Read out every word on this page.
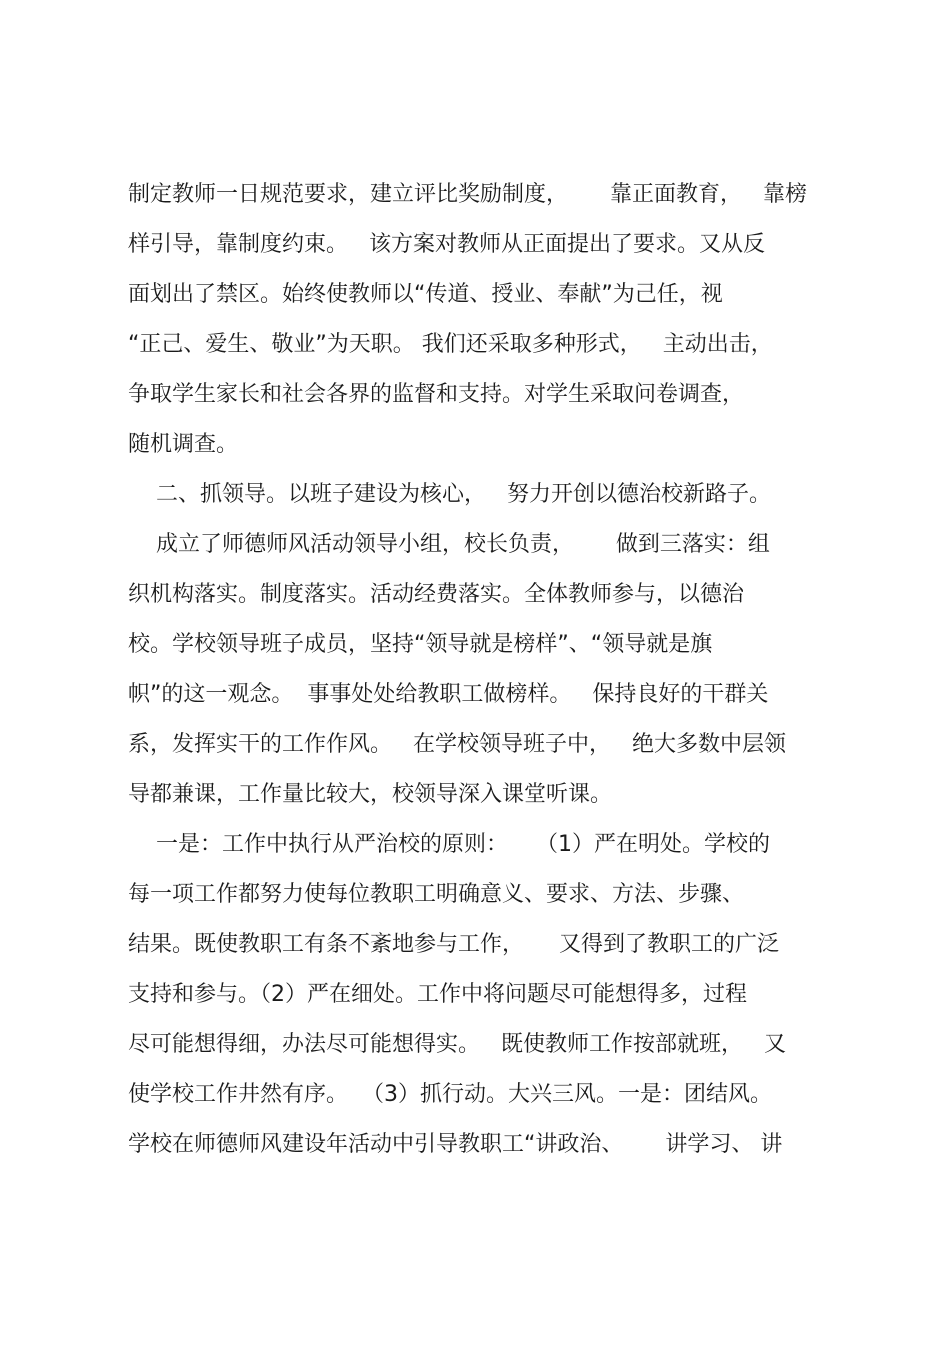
制定教师一日规范要求，建立评比奖励制度，      靠正面教育，   靠榜
样引导，靠制度约束。   该方案对教师从正面提出了要求。又从反
面划出了禁区。始终使教师以“传道、授业、奉献”为己任，视
“正己、爱生、敬业”为天职。 我们还采取多种形式，   主动出击，
争取学生家长和社会各界的监督和支持。对学生采取问卷调查，
随机调查。
二、抓领导。以班子建设为核心，   努力开创以德治校新路子。
成立了师德师风活动领导小组，校长负责，      做到三落实：组
织机构落实。制度落实。活动经费落实。全体教师参与，以德治
校。学校领导班子成员，坚持“领导就是榜样”、“领导就是旗
帜”的这一观念。  事事处处给教职工做榜样。   保持良好的干群关
系，发挥实干的工作作风。   在学校领导班子中，   绝大多数中层领
导都兼课，工作量比较大，校领导深入课堂听课。
一是：工作中执行从严治校的原则：    （1）严在明处。学校的
每一项工作都努力使每位教职工明确意义、要求、方法、步骤、
结果。既使教职工有条不紊地参与工作，     又得到了教职工的广泛
支持和参与。（2）严在细处。工作中将问题尽可能想得多，过程
尽可能想得细，办法尽可能想得实。   既使教师工作按部就班，   又
使学校工作井然有序。  （3）抓行动。大兴三风。一是：团结风。
学校在师德师风建设年活动中引导教职工“讲政治、      讲学习、 讲
